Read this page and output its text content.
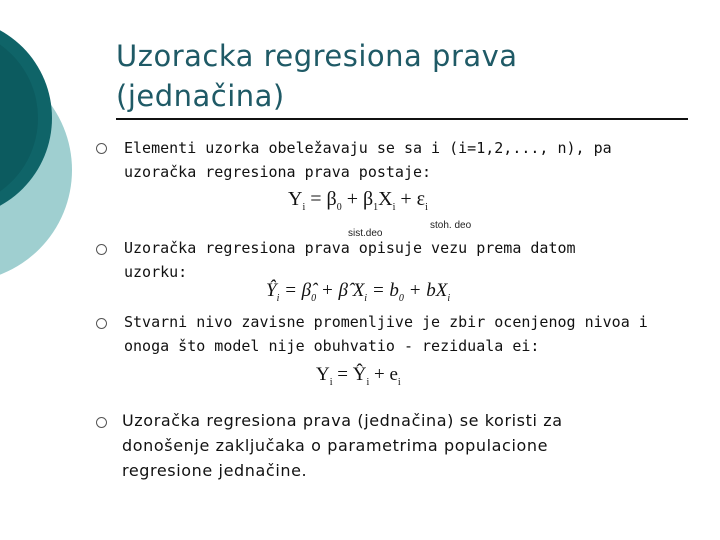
Uzoracka regresiona prava
(jednačina)
Elementi uzorka obeležavaju se sa i (i=1,2,..., n), pa
uzoračka regresiona prava postaje:
$Y_i = \beta_0 + \beta_1X_i + \varepsilon_i$
sist.deo
stoh. deo
Uzoračka regresiona prava opisuje vezu prema datom
uzorku:
$Ŷ_i$ = $\betâ_0$ + β̂ $X_i = b_0 + bX_i$
Stvarni nivo zavisne promenljive je zbir ocenjenog nivoa i
onoga što model nije obuhvatio - reziduala ei:
$Y_i$ = $Ŷ_i + e_i$
Uzoračka regresiona prava (jednačina) se koristi za
donošenje zaključaka o parametrima populacione
regresione jednačine.
